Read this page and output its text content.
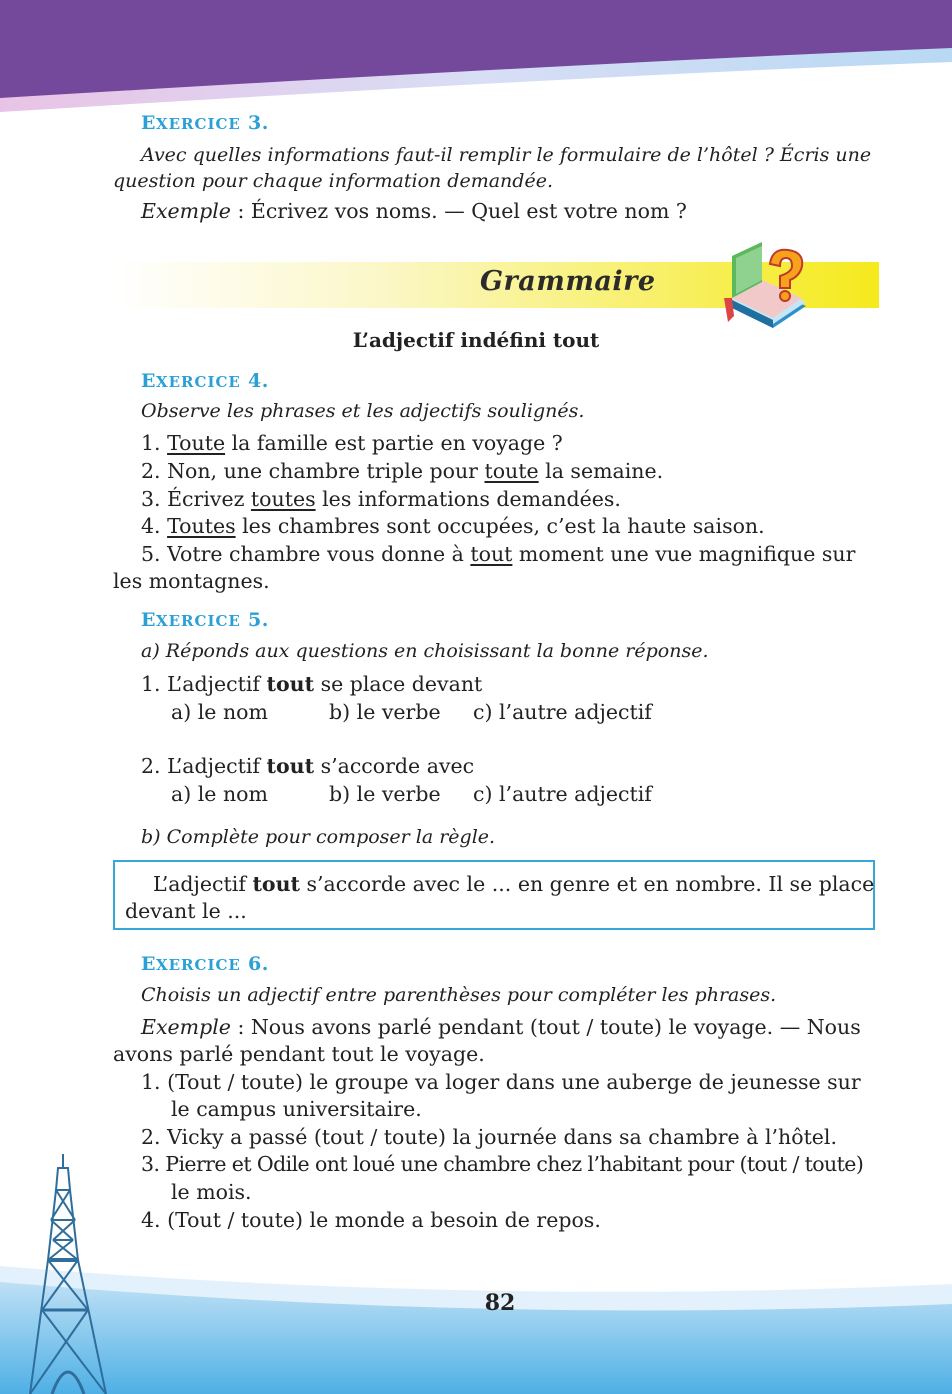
EXERCICE 3.
Avec quelles informations faut-il remplir le formulaire de l’hôtel ? Écris une
question pour chaque information demandée.
Exemple : Écrivez vos noms. — Quel est votre nom ?
Grammaire
L’adjectif indéfini tout
EXERCICE 4.
Observe les phrases et les adjectifs soulignés.
1. Toute la famille est partie en voyage ?
2. Non, une chambre triple pour toute la semaine.
3. Écrivez toutes les informations demandées.
4. Toutes les chambres sont occupées, c’est la haute saison.
5. Votre chambre vous donne à tout moment une vue magnifique sur
les montagnes.
EXERCICE 5.
a) Réponds aux questions en choisissant la bonne réponse.
1. L’adjectif tout se place devant
a) le nom	b) le verbe c) l’autre adjectif
2. L’adjectif tout s’accorde avec
a) le nom	b) le verbe c) l’autre adjectif
b) Complète pour composer la règle.
L’adjectif tout s’accorde avec le ... en genre et en nombre. Il se place
devant le ...
EXERCICE 6.
Choisis un adjectif entre parenthèses pour compléter les phrases.
Exemple : Nous avons parlé pendant (tout / toute) le voyage. — Nous
avons parlé pendant tout le voyage.
1. (Tout / toute) le groupe va loger dans une auberge de jeunesse sur
le campus universitaire.
2. Vicky a passé (tout / toute) la journée dans sa chambre à l’hôtel.
3. Pierre et Odile ont loué une chambre chez l’habitant pour (tout / toute)
le mois.
4. (Tout / toute) le monde a besoin de repos.
82
